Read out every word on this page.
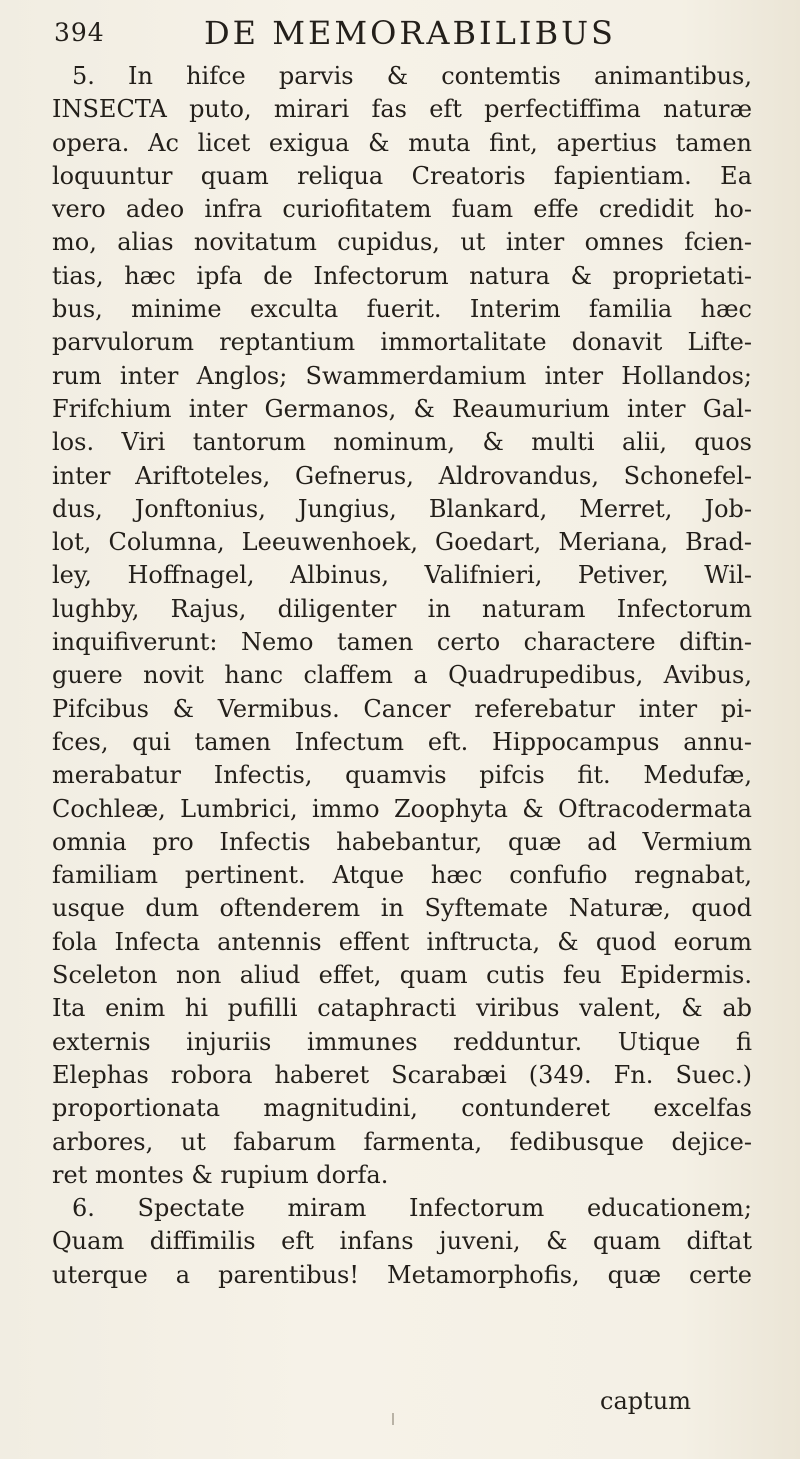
394	DE MEMORABILIBUS
5. In hifce parvis & contemtis animantibus,
INSECTA puto, mirari fas eft perfectiffima naturæ
opera. Ac licet exigua & muta fint, apertius tamen
loquuntur quam reliqua Creatoris fapientiam. Ea
vero adeo infra curiofitatem fuam effe credidit ho-
mo, alias novitatum cupidus, ut inter omnes fcien-
tias, hæc ipfa de Infectorum natura & proprietati-
bus, minime exculta fuerit. Interim familia hæc
parvulorum reptantium immortalitate donavit Lifte-
rum inter Anglos; Swammerdamium inter Hollandos;
Frifchium inter Germanos, & Reaumurium inter Gal-
los. Viri tantorum nominum, & multi alii, quos
inter Ariftoteles, Gefnerus, Aldrovandus, Schonefel-
dus, Jonftonius, Jungius, Blankard, Merret, Job-
lot, Columna, Leeuwenhoek, Goedart, Meriana, Brad-
ley, Hoffnagel, Albinus, Valifnieri, Petiver, Wil-
lughby, Rajus, diligenter in naturam Infectorum
inquifiverunt: Nemo tamen certo charactere diftin-
guere novit hanc claffem a Quadrupedibus, Avibus,
Pifcibus & Vermibus. Cancer referebatur inter pi-
fces, qui tamen Infectum eft. Hippocampus annu-
merabatur Infectis, quamvis pifcis fit. Medufæ,
Cochleæ, Lumbrici, immo Zoophyta & Oftracodermata
omnia pro Infectis habebantur, quæ ad Vermium
familiam pertinent. Atque hæc confufio regnabat,
usque dum oftenderem in Syftemate Naturæ, quod
fola Infecta antennis effent inftructa, & quod eorum
Sceleton non aliud effet, quam cutis feu Epidermis.
Ita enim hi pufilli cataphracti viribus valent, & ab
externis injuriis immunes redduntur. Utique fi
Elephas robora haberet Scarabæi (349. Fn. Suec.)
proportionata magnitudini, contunderet excelfas
arbores, ut fabarum farmenta, fedibusque dejice-
ret montes & rupium dorfa.
6. Spectate miram Infectorum educationem;
Quam diffimilis eft infans juveni, & quam diftat
uterque a parentibus! Metamorphofis, quæ certe
captum
